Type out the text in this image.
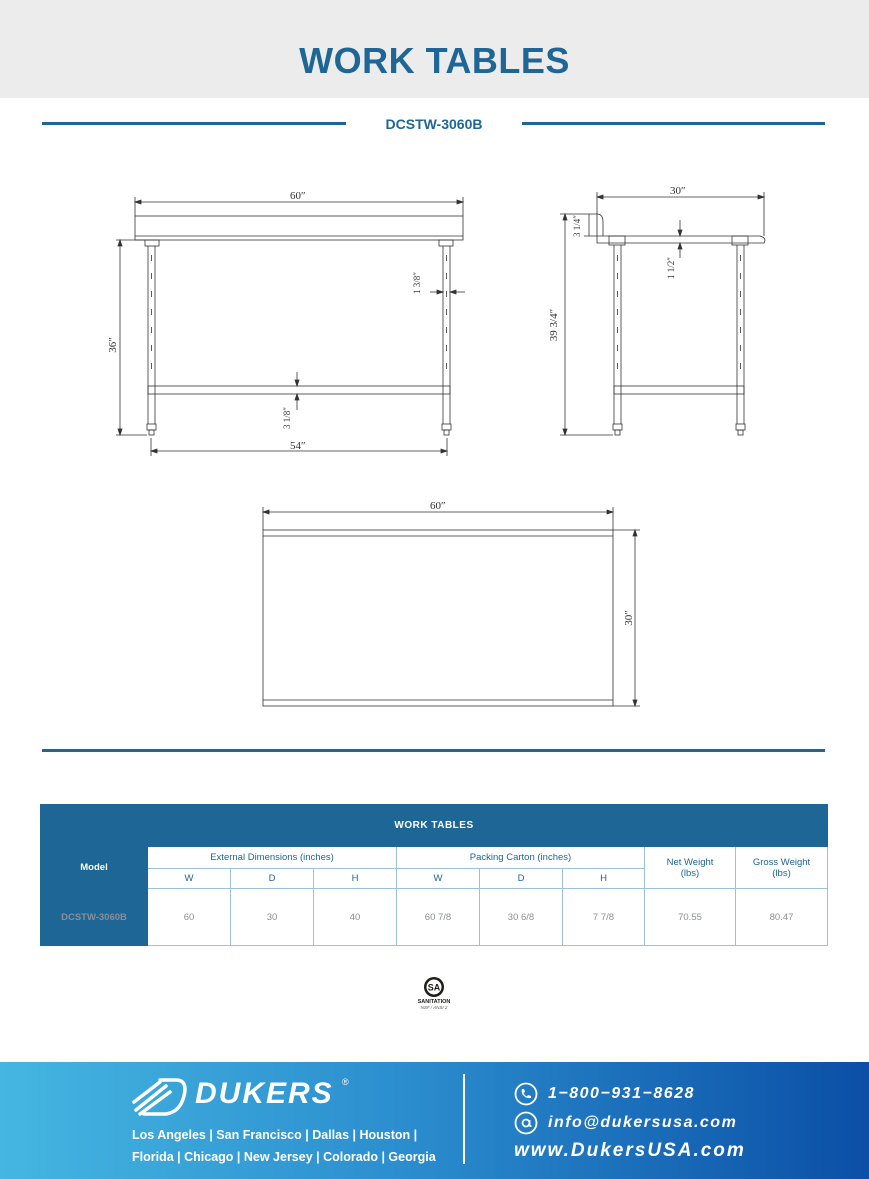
WORK TABLES
DCSTW-3060B
60″
36″
54″
1 3/8″
3 1/8″
30″
3 1/4″
39 3/4″
1 1/2″
60″
30″
WORK TABLES								
Model	External Dimensions (inches)			Packing Carton (inches)			Net Weight (lbs)	Gross Weight (lbs)
	W	D	H	W	D	H		
DCSTW-3060B	60	30	40	60 7/8	30 6/8	7 7/8	70.55	80.47
SA
SANITATION
NSF / ANSI 2
DUKERS ®
Los Angeles | San Francisco | Dallas | Houston |
Florida | Chicago | New Jersey | Colorado | Georgia
1−800−931−8628
info@dukersusa.com
www.DukersUSA.com
